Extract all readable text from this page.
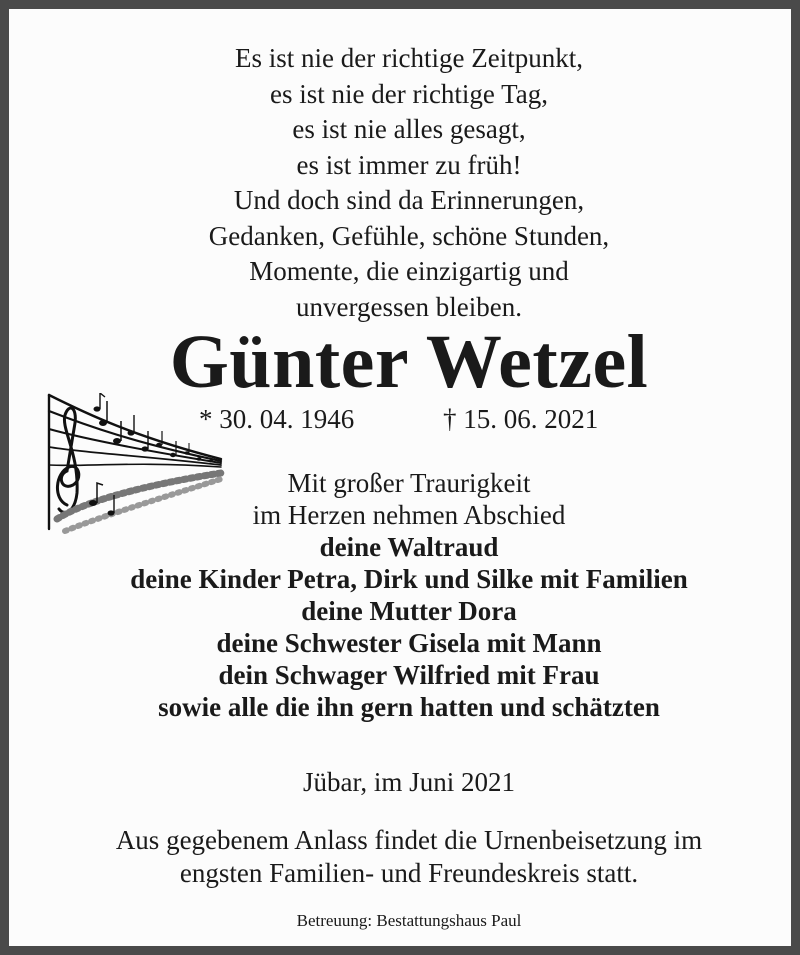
Es ist nie der richtige Zeitpunkt,
es ist nie der richtige Tag,
es ist nie alles gesagt,
es ist immer zu früh!
Und doch sind da Erinnerungen,
Gedanken, Gefühle, schöne Stunden,
Momente, die einzigartig und
unvergessen bleiben.
Günter Wetzel
* 30. 04. 1946	† 15. 06. 2021
Mit großer Traurigkeit
im Herzen nehmen Abschied
deine Waltraud
deine Kinder Petra, Dirk und Silke mit Familien
deine Mutter Dora
deine Schwester Gisela mit Mann
dein Schwager Wilfried mit Frau
sowie alle die ihn gern hatten und schätzten
Jübar, im Juni 2021
Aus gegebenem Anlass findet die Urnenbeisetzung im
engsten Familien- und Freundeskreis statt.
Betreuung: Bestattungshaus Paul
